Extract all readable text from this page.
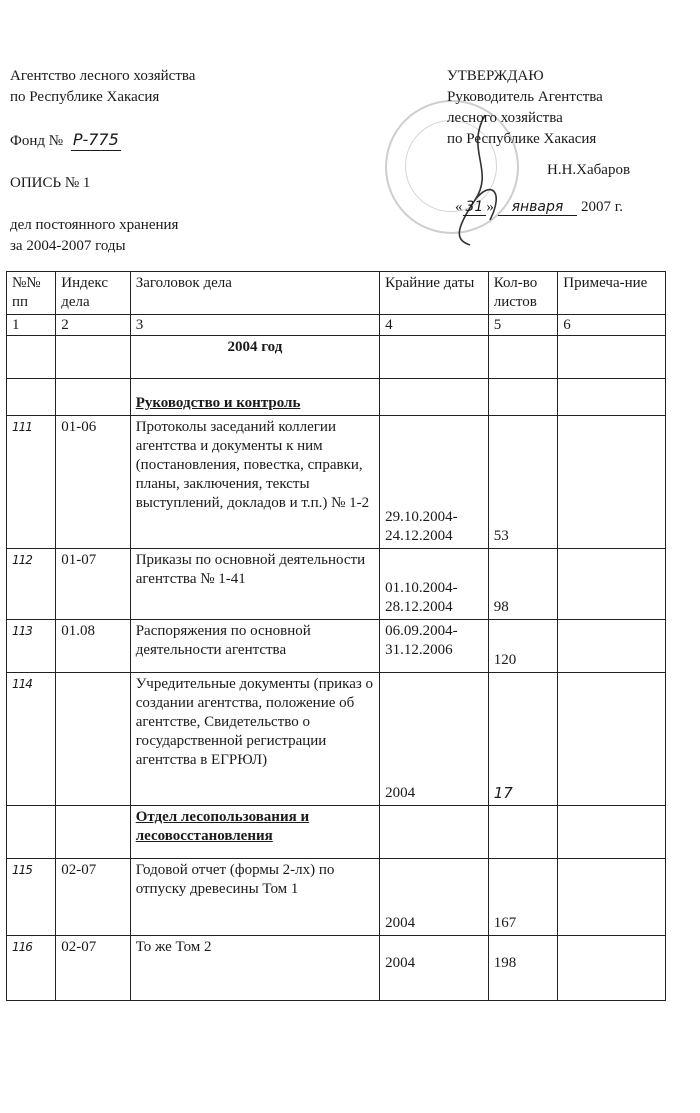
Агентство лесного хозяйства
по Республике Хакасия
Фонд № Р-775
ОПИСЬ № 1
дел постоянного хранения
за 2004-2007 годы
УТВЕРЖДАЮ
Руководитель Агентства
лесного хозяйства
по Республике Хакасия
Н.Н.Хабаров
« 31 » января 2007 г.
№№ пп	Индекс дела	Заголовок дела	Крайние даты	Кол-во листов	Примеча-ние
1	2	3	4	5	6
		2004 год			
		Руководство и контроль			
111	01-06	Протоколы заседаний коллегии агентства и документы к ним (постановления, повестка, справки, планы, заключения, тексты выступлений, докладов и т.п.) № 1-2	29.10.2004-24.12.2004	53	
112	01-07	Приказы по основной деятельности агентства № 1-41	01.10.2004-28.12.2004	98	
113	01.08	Распоряжения по основной деятельности агентства	06.09.2004-31.12.2006	120	
114		Учредительные документы (приказ о создании агентства, положение об агентстве, Свидетельство о государственной регистрации агентства в ЕГРЮЛ)	2004	17	
		Отдел лесопользования и лесовосстановления			
115	02-07	Годовой отчет (формы 2-лх) по отпуску древесины Том 1	2004	167	
116	02-07	То же Том 2	2004	198	
